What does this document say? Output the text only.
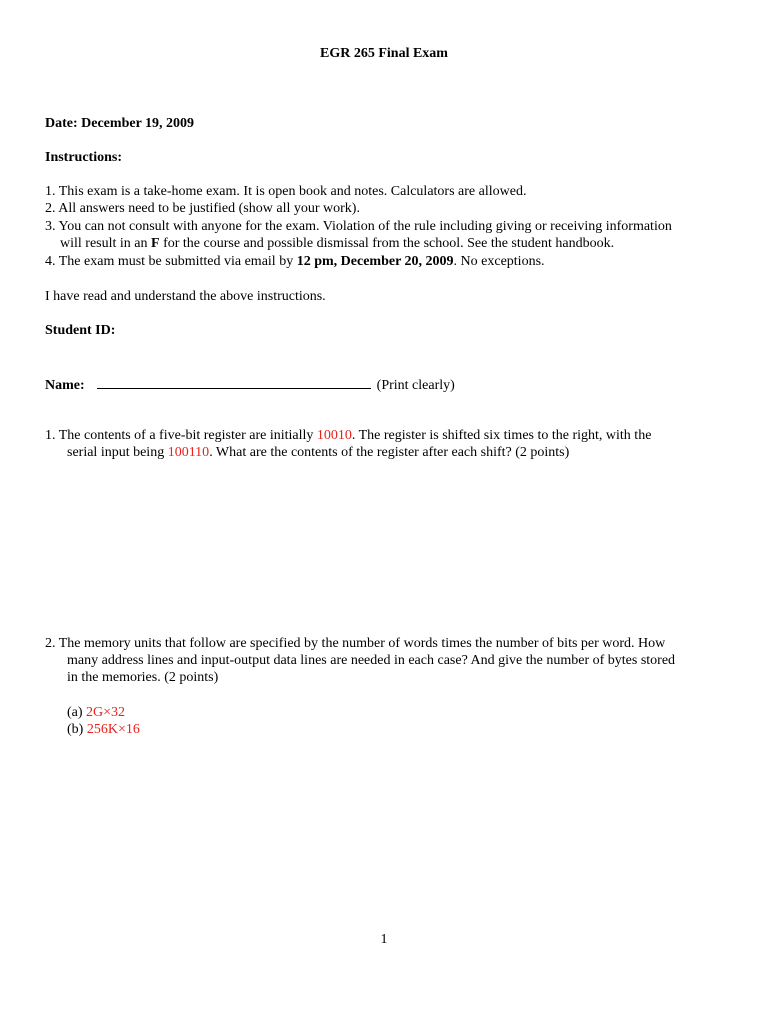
EGR 265 Final Exam
Date: December 19, 2009
Instructions:
1. This exam is a take-home exam. It is open book and notes. Calculators are allowed.
2. All answers need to be justified (show all your work).
3. You can not consult with anyone for the exam. Violation of the rule including giving or receiving information
will result in an F for the course and possible dismissal from the school. See the student handbook.
4. The exam must be submitted via email by 12 pm, December 20, 2009. No exceptions.
I have read and understand the above instructions.
Student ID:
Name:	(Print clearly)
1. The contents of a five-bit register are initially 10010. The register is shifted six times to the right, with the
serial input being 100110. What are the contents of the register after each shift? (2 points)
2. The memory units that follow are specified by the number of words times the number of bits per word. How
many address lines and input-output data lines are needed in each case? And give the number of bytes stored
in the memories. (2 points)
(a) 2G×32
(b) 256K×16
1
